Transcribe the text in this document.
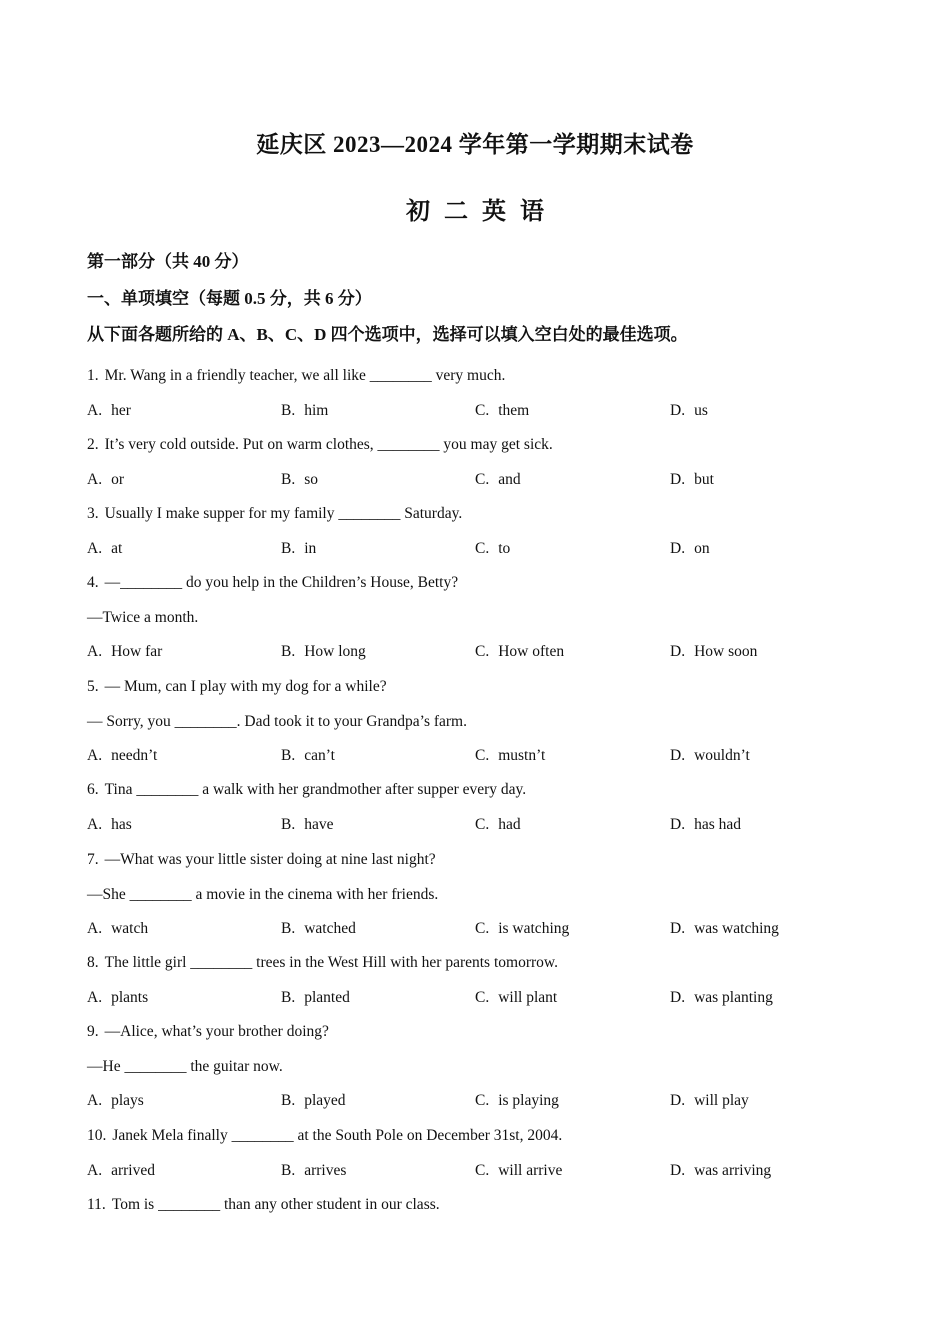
延庆区 2023—2024 学年第一学期期末试卷
初二英语
第一部分（共 40 分）
一、单项填空（每题 0.5 分，共 6 分）
从下面各题所给的 A、B、C、D 四个选项中，选择可以填入空白处的最佳选项。
1. Mr. Wang in a friendly teacher, we all like ________ very much.
A. her	B. him	C. them	D. us
2. It’s very cold outside. Put on warm clothes, ________ you may get sick.
A. or	B. so	C. and	D. but
3. Usually I make supper for my family ________ Saturday.
A. at	B. in	C. to	D. on
4. —________ do you help in the Children’s House, Betty?
—Twice a month.
A. How far	B. How long	C. How often	D. How soon
5. — Mum, can I play with my dog for a while?
— Sorry, you ________. Dad took it to your Grandpa’s farm.
A. needn’t	B. can’t	C. mustn’t	D. wouldn’t
6. Tina ________ a walk with her grandmother after supper every day.
A. has	B. have	C. had	D. has had
7. —What was your little sister doing at nine last night?
—She ________ a movie in the cinema with her friends.
A. watch	B. watched	C. is watching	D. was watching
8. The little girl ________ trees in the West Hill with her parents tomorrow.
A. plants	B. planted	C. will plant	D. was planting
9. —Alice, what’s your brother doing?
—He ________ the guitar now.
A. plays	B. played	C. is playing	D. will play
10. Janek Mela finally ________ at the South Pole on December 31st, 2004.
A. arrived	B. arrives	C. will arrive	D. was arriving
11. Tom is ________ than any other student in our class.
